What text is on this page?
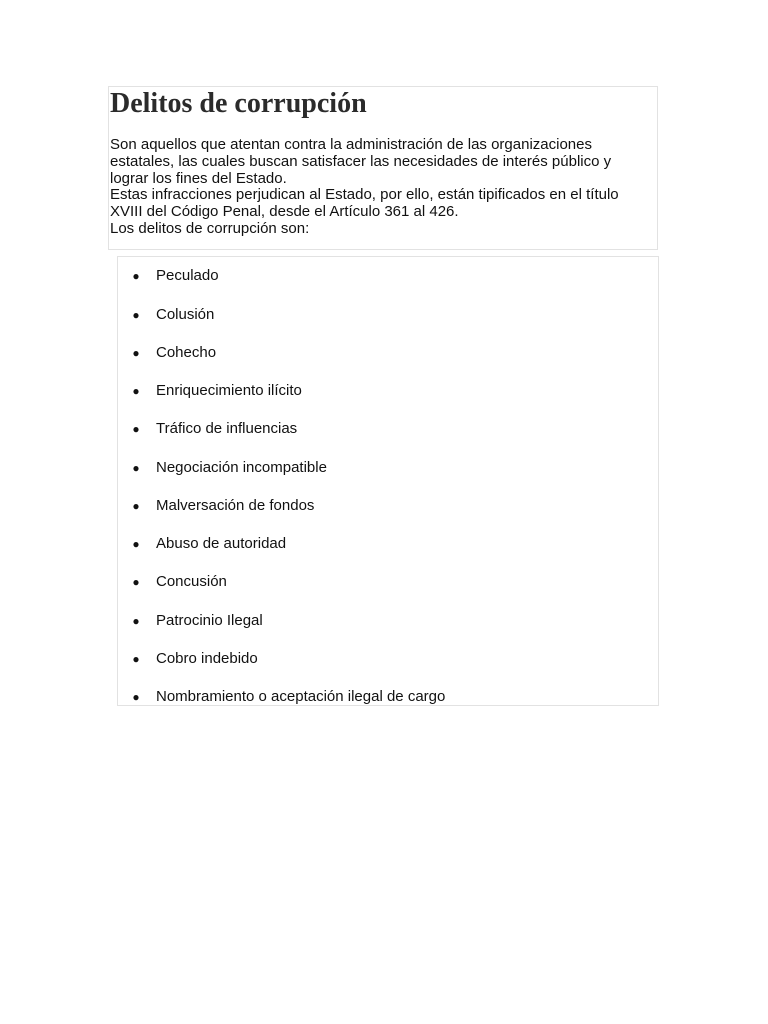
Delitos de corrupción

Son aquellos que atentan contra la administración de las organizaciones
estatales, las cuales buscan satisfacer las necesidades de interés público y
lograr los fines del Estado.
Estas infracciones perjudican al Estado, por ello, están tipificados en el título
XVIII del Código Penal, desde el Artículo 361 al 426.
Los delitos de corrupción son:

● Peculado
● Colusión
● Cohecho
● Enriquecimiento ilícito
● Tráfico de influencias
● Negociación incompatible
● Malversación de fondos
● Abuso de autoridad
● Concusión
● Patrocinio Ilegal
● Cobro indebido
● Nombramiento o aceptación ilegal de cargo
